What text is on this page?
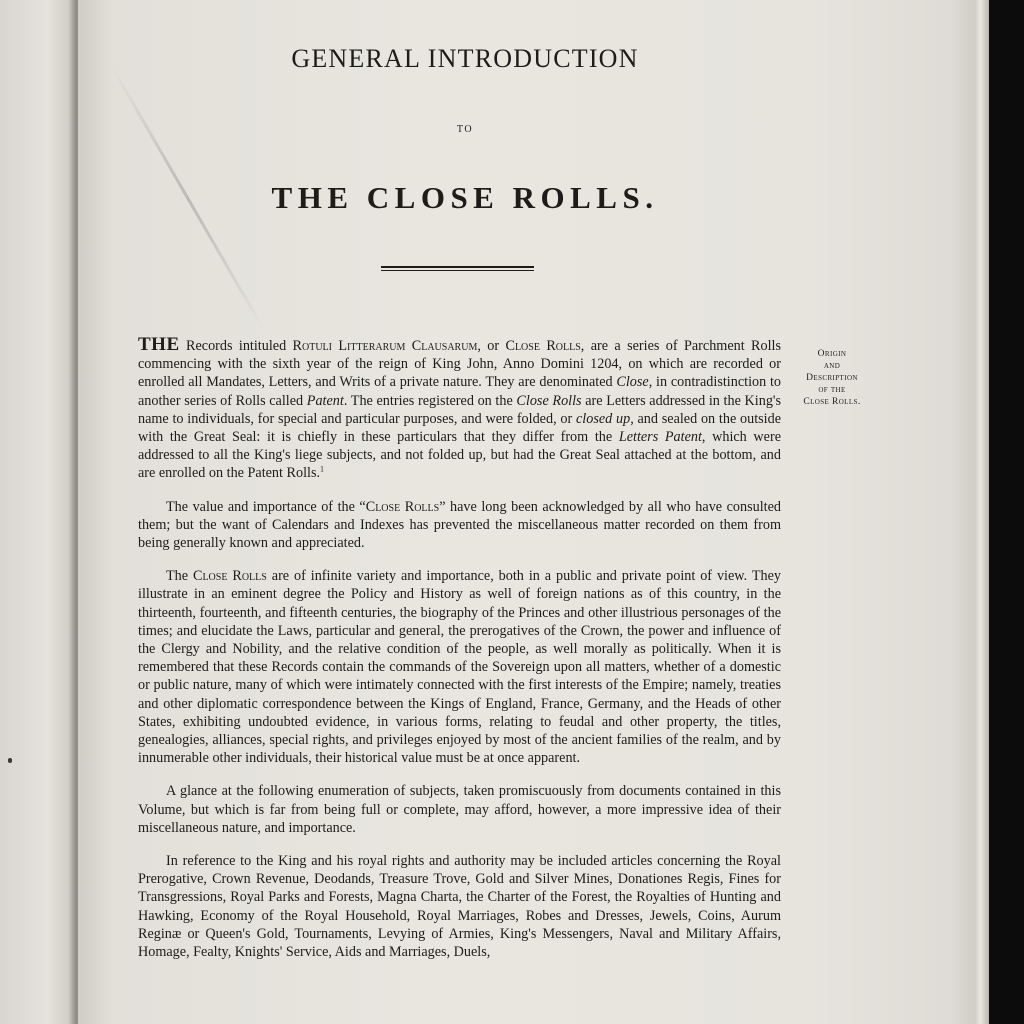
GENERAL INTRODUCTION
TO
THE CLOSE ROLLS.
Origin
and
Description
of the
Close Rolls.

THE Records intituled Rotuli Litterarum Clausarum, or Close Rolls, are a series of Parchment Rolls commencing with the sixth year of the reign of King John, Anno Domini 1204, on which are recorded or enrolled all Mandates, Letters, and Writs of a private nature. They are denominated Close, in contradistinction to another series of Rolls called Patent. The entries registered on the Close Rolls are Letters addressed in the King's name to individuals, for special and particular purposes, and were folded, or closed up, and sealed on the outside with the Great Seal: it is chiefly in these particulars that they differ from the Letters Patent, which were addressed to all the King's liege subjects, and not folded up, but had the Great Seal attached at the bottom, and are enrolled on the Patent Rolls.$^1$

The value and importance of the “Close Rolls” have long been acknowledged by all who have consulted them; but the want of Calendars and Indexes has prevented the miscellaneous matter recorded on them from being generally known and appreciated.

The Close Rolls are of infinite variety and importance, both in a public and private point of view. They illustrate in an eminent degree the Policy and History as well of foreign nations as of this country, in the thirteenth, fourteenth, and fifteenth centuries, the biography of the Princes and other illustrious personages of the times; and elucidate the Laws, particular and general, the prerogatives of the Crown, the power and influence of the Clergy and Nobility, and the relative condition of the people, as well morally as politically. When it is remembered that these Records contain the commands of the Sovereign upon all matters, whether of a domestic or public nature, many of which were intimately connected with the first interests of the Empire; namely, treaties and other diplomatic correspondence between the Kings of England, France, Germany, and the Heads of other States, exhibiting undoubted evidence, in various forms, relating to feudal and other property, the titles, genealogies, alliances, special rights, and privileges enjoyed by most of the ancient families of the realm, and by innumerable other individuals, their historical value must be at once apparent.

A glance at the following enumeration of subjects, taken promiscuously from documents contained in this Volume, but which is far from being full or complete, may afford, however, a more impressive idea of their miscellaneous nature, and importance.

In reference to the King and his royal rights and authority may be included articles concerning the Royal Prerogative, Crown Revenue, Deodands, Treasure Trove, Gold and Silver Mines, Donationes Regis, Fines for Transgressions, Royal Parks and Forests, Magna Charta, the Charter of the Forest, the Royalties of Hunting and Hawking, Economy of the Royal Household, Royal Marriages, Robes and Dresses, Jewels, Coins, Aurum Reginæ or Queen's Gold, Tournaments, Levying of Armies, King's Messengers, Naval and Military Affairs, Homage, Fealty, Knights' Service, Aids and Marriages, Duels,
